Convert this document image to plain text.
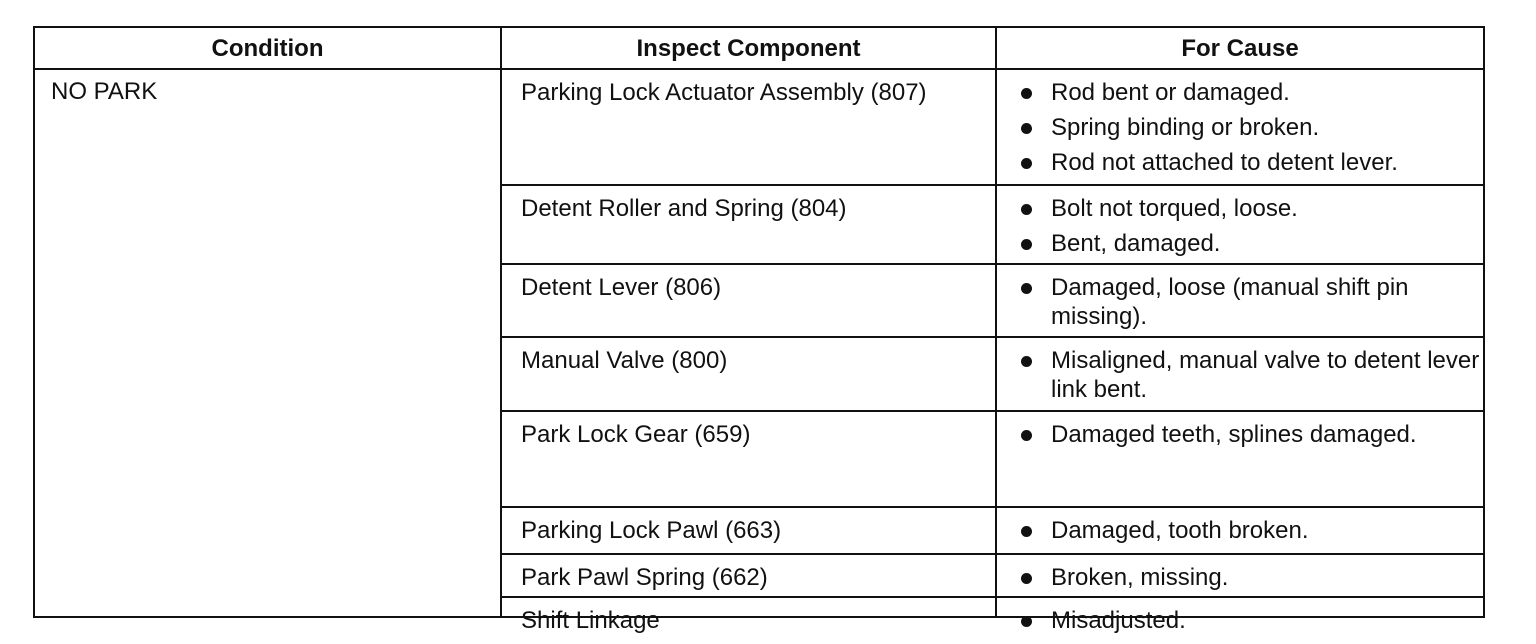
Condition	Inspect Component	For Cause
NO PARK	Parking Lock Actuator Assembly (807)	Rod bent or damaged.
Spring binding or broken.
Rod not attached to detent lever.
Detent Roller and Spring (804)	Bolt not torqued, loose.
Bent, damaged.
Detent Lever (806)	Damaged, loose (manual shift pin missing).
Manual Valve (800)	Misaligned, manual valve to detent lever link bent.
Park Lock Gear (659)	Damaged teeth, splines damaged.
Parking Lock Pawl (663)	Damaged, tooth broken.
Park Pawl Spring (662)	Broken, missing.
Shift Linkage	Misadjusted.
